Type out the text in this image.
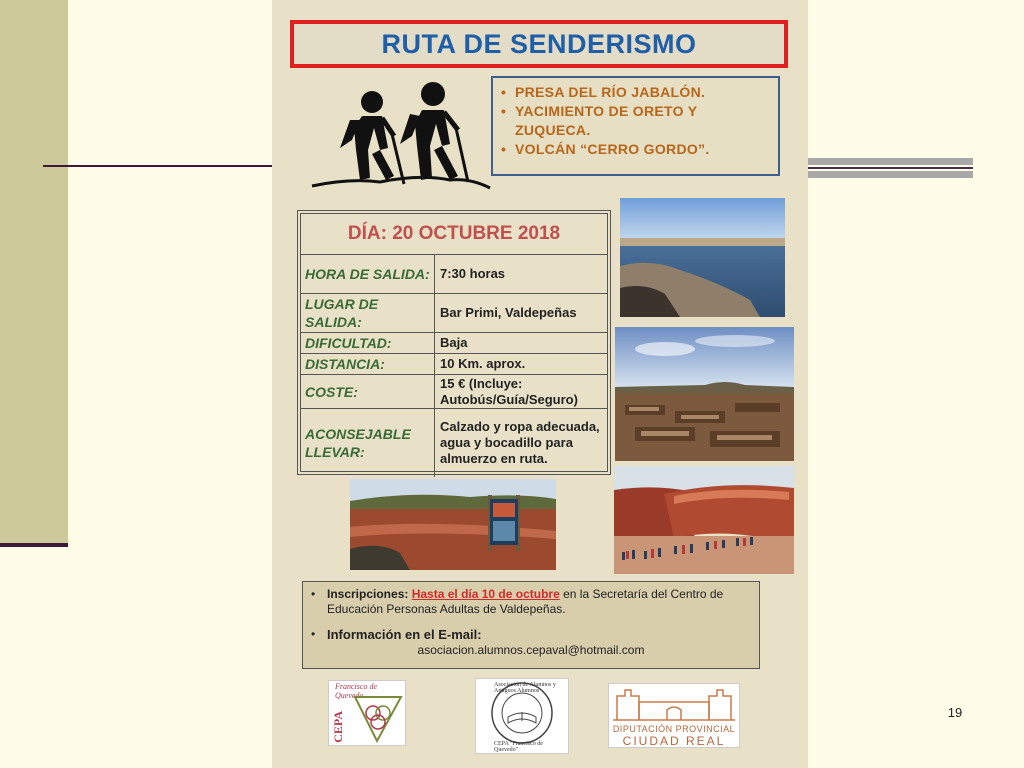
19
RUTA DE SENDERISMO
• PRESA DEL RÍO JABALÓN.
• YACIMIENTO DE ORETO Y ZUQUECA.
• VOLCÁN “CERRO GORDO”.
DÍA: 20 OCTUBRE 2018
HORA DE SALIDA: 7:30 horas
LUGAR DE SALIDA:
Bar Primi, Valdepeñas
DIFICULTAD:	Baja
DISTANCIA:	10 Km. aprox.
COSTE:
15 € (Incluye: Autobús/Guía/Seguro)
ACONSEJABLE LLEVAR:
Calzado y ropa adecuada, agua y bocadillo para almuerzo en ruta.
• Inscripciones: Hasta el día 10 de octubre en la Secretaría del Centro de Educación Personas Adultas de Valdepeñas.
• Información en el E-mail:
asociacion.alumnos.cepaval@hotmail.com
Francisco de Quevedo
CEPA
Asociación de Alumnos y Antiguos Alumnos
CEPA "Francisco de Quevedo"
DIPUTACIÓN PROVINCIAL
CIUDAD REAL
